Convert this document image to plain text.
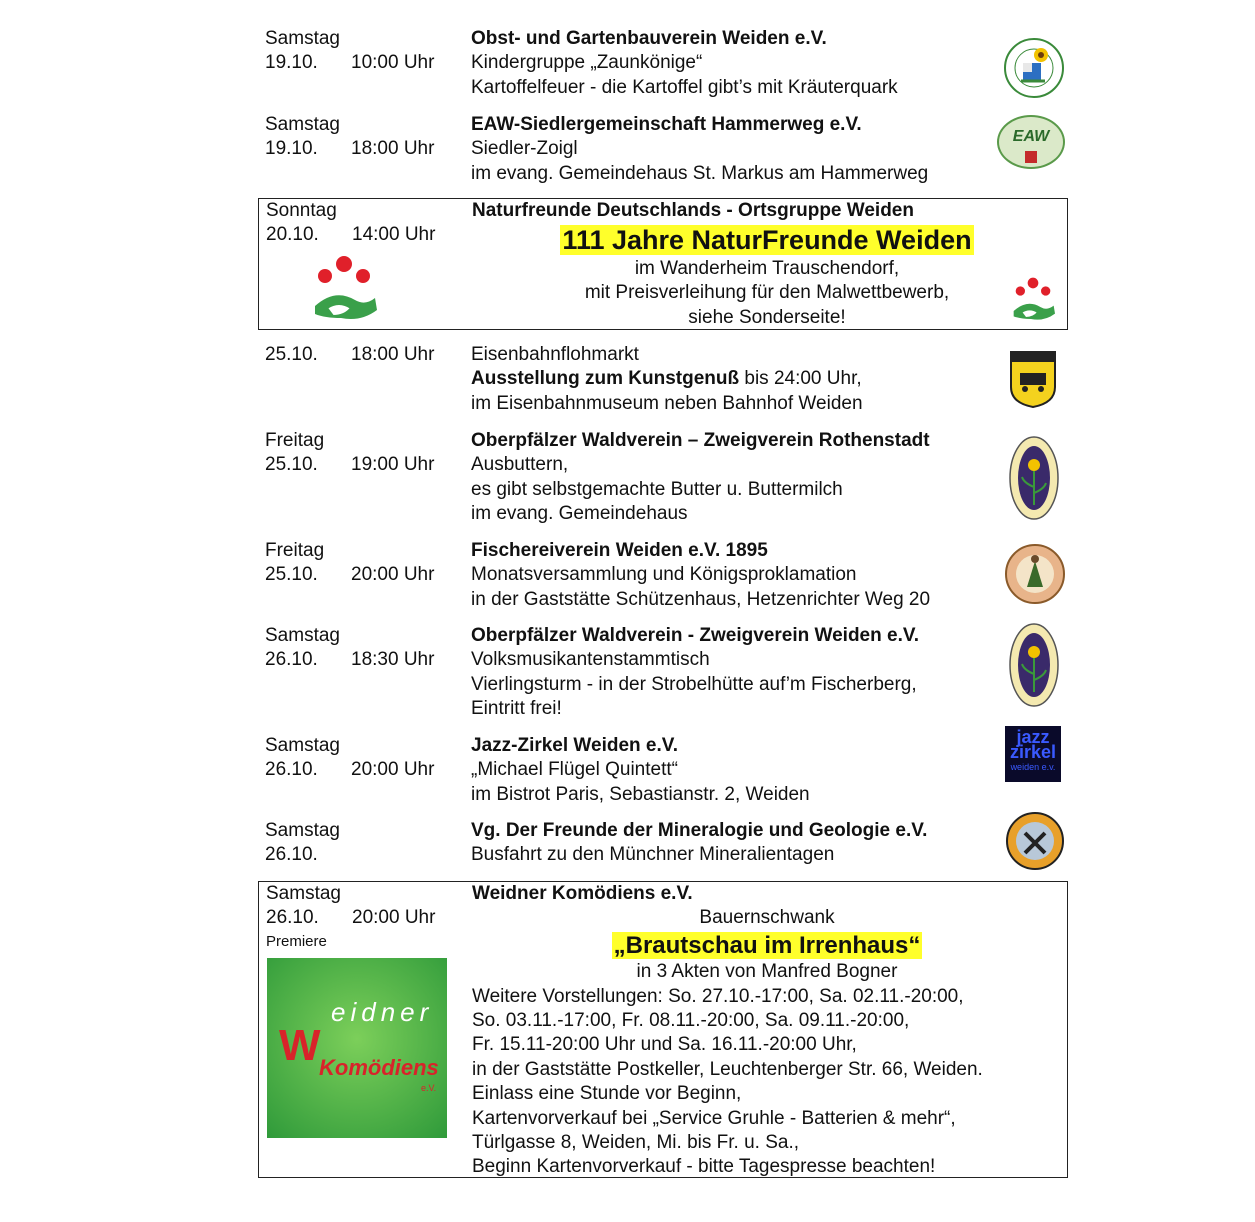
Samstag
19.10. 10:00 Uhr
Obst- und Gartenbauverein Weiden e.V.
Kindergruppe „Zaunkönige“
Kartoffelfeuer - die Kartoffel gibt’s mit Kräuterquark
Samstag
19.10. 18:00 Uhr
EAW-Siedlergemeinschaft Hammerweg e.V.
Siedler-Zoigl
im evang. Gemeindehaus St. Markus am Hammerweg
EAW
Sonntag
20.10. 14:00 Uhr
Naturfreunde Deutschlands - Ortsgruppe Weiden
111 Jahre NaturFreunde Weiden
im Wanderheim Trauschendorf,
mit Preisverleihung für den Malwettbewerb,
siehe Sonderseite!
25.10. 18:00 Uhr Eisenbahnflohmarkt
Ausstellung zum Kunstgenuß bis 24:00 Uhr,
im Eisenbahnmuseum neben Bahnhof Weiden
Freitag
25.10. 19:00 Uhr
Oberpfälzer Waldverein – Zweigverein Rothenstadt
Ausbuttern,
es gibt selbstgemachte Butter u. Buttermilch
im evang. Gemeindehaus
Freitag
25.10. 20:00 Uhr
Fischereiverein Weiden e.V. 1895
Monatsversammlung und Königsproklamation
in der Gaststätte Schützenhaus, Hetzenrichter Weg 20
Samstag
26.10. 18:30 Uhr
Oberpfälzer Waldverein - Zweigverein Weiden e.V.
Volksmusikantenstammtisch
Vierlingsturm - in der Strobelhütte auf’m Fischerberg,
Eintritt frei!
Samstag
26.10. 20:00 Uhr
Jazz-Zirkel Weiden e.V.
„Michael Flügel Quintett“
im Bistrot Paris, Sebastianstr. 2, Weiden
jazz
zirkel
weiden e.v.
Samstag
26.10.
Vg. Der Freunde der Mineralogie und Geologie e.V.
Busfahrt zu den Münchner Mineralientagen
Samstag
26.10. 20:00 Uhr
Premiere
eidner
W
Komödiens
e.V.
Weidner Komödiens e.V.
Bauernschwank
„Brautschau im Irrenhaus“
in 3 Akten von Manfred Bogner
Weitere Vorstellungen: So. 27.10.-17:00, Sa. 02.11.-20:00,
So. 03.11.-17:00, Fr. 08.11.-20:00, Sa. 09.11.-20:00,
Fr. 15.11-20:00 Uhr und Sa. 16.11.-20:00 Uhr,
in der Gaststätte Postkeller, Leuchtenberger Str. 66, Weiden.
Einlass eine Stunde vor Beginn,
Kartenvorverkauf bei „Service Gruhle - Batterien & mehr“,
Türlgasse 8, Weiden, Mi. bis Fr. u. Sa.,
Beginn Kartenvorverkauf - bitte Tagespresse beachten!
